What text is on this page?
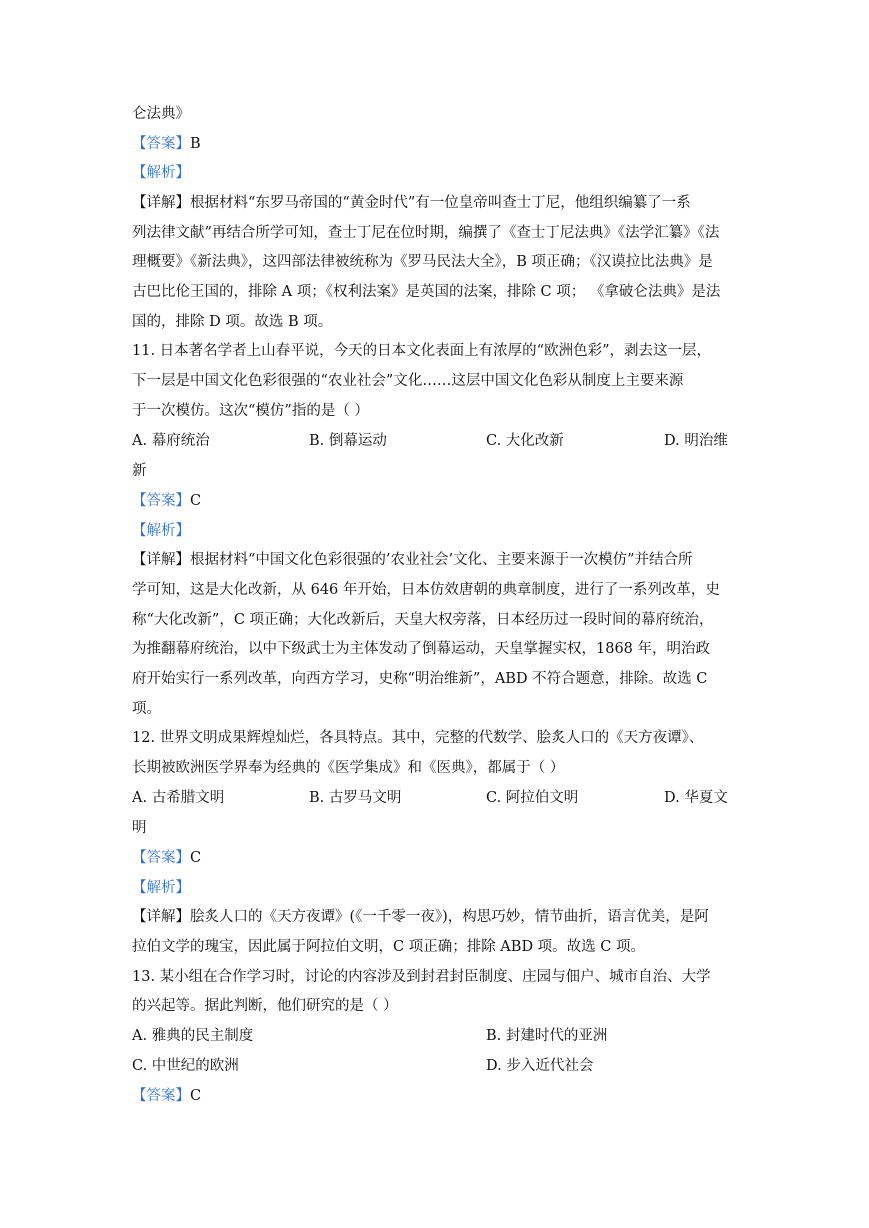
仑法典》
【答案】B
【解析】
【详解】根据材料“东罗马帝国的“黄金时代”有一位皇帝叫查士丁尼，他组织编纂了一系
列法律文献”再结合所学可知，查士丁尼在位时期，编撰了《查士丁尼法典》《法学汇纂》《法
理概要》《新法典》，这四部法律被统称为《罗马民法大全》，B 项正确；《汉谟拉比法典》是
古巴比伦王国的，排除 A 项；《权利法案》是英国的法案，排除 C 项； 《拿破仑法典》是法
国的，排除 D 项。故选 B 项。
11. 日本著名学者上山春平说，今天的日本文化表面上有浓厚的“欧洲色彩”，剥去这一层，
下一层是中国文化色彩很强的“农业社会”文化……这层中国文化色彩从制度上主要来源
于一次模仿。这次“模仿”指的是（ ）
A. 幕府统治	B. 倒幕运动	C. 大化改新	D. 明治维
新
【答案】C
【解析】
【详解】根据材料“中国文化色彩很强的’农业社会’文化、主要来源于一次模仿”并结合所
学可知，这是大化改新，从 646 年开始，日本仿效唐朝的典章制度，进行了一系列改革，史
称“大化改新”，C 项正确；大化改新后，天皇大权旁落，日本经历过一段时间的幕府统治，
为推翻幕府统治，以中下级武士为主体发动了倒幕运动，天皇掌握实权，1868 年，明治政
府开始实行一系列改革，向西方学习，史称“明治维新”，ABD 不符合题意，排除。故选 C
项。
12. 世界文明成果辉煌灿烂，各具特点。其中，完整的代数学、脍炙人口的《天方夜谭》、
长期被欧洲医学界奉为经典的《医学集成》和《医典》，都属于（ ）
A. 古希腊文明	B. 古罗马文明	C. 阿拉伯文明	D. 华夏文
明
【答案】C
【解析】
【详解】脍炙人口的《天方夜谭》(《一千零一夜》)，构思巧妙，情节曲折，语言优美，是阿
拉伯文学的瑰宝，因此属于阿拉伯文明，C 项正确；排除 ABD 项。故选 C 项。
13. 某小组在合作学习时，讨论的内容涉及到封君封臣制度、庄园与佃户、城市自治、大学
的兴起等。据此判断，他们研究的是（ ）
A. 雅典的民主制度	B. 封建时代的亚洲
C. 中世纪的欧洲	D. 步入近代社会
【答案】C
